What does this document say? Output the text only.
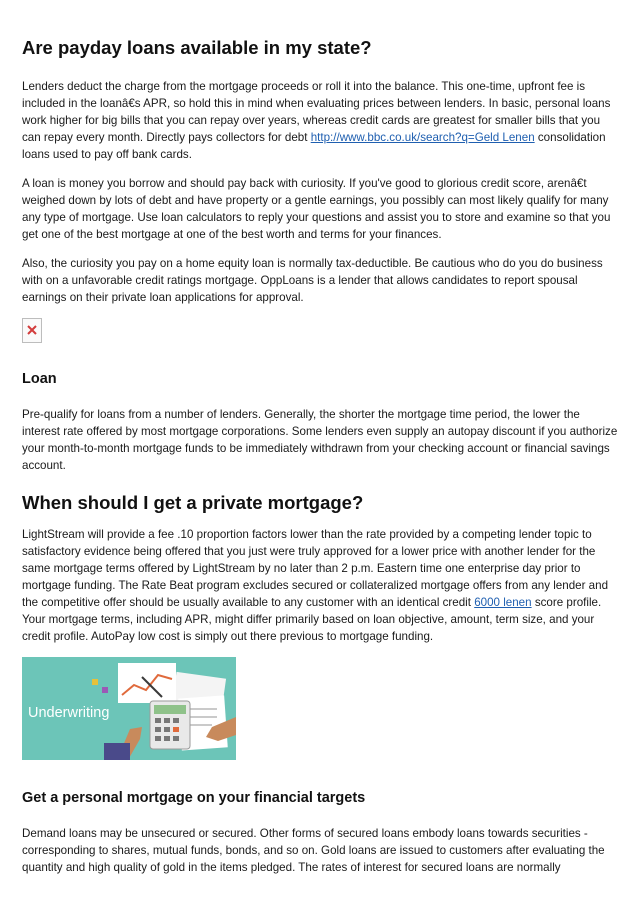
Are payday loans available in my state?

Lenders deduct the charge from the mortgage proceeds or roll it into the balance. This one-time, upfront fee is included in the loanâ€s APR, so hold this in mind when evaluating prices between lenders. In basic, personal loans work higher for big bills that you can repay over years, whereas credit cards are greatest for smaller bills that you can repay every month. Directly pays collectors for debt http://www.bbc.co.uk/search?q=Geld Lenen consolidation loans used to pay off bank cards.

A loan is money you borrow and should pay back with curiosity. If you've good to glorious credit score, arenâ€t weighed down by lots of debt and have property or a gentle earnings, you possibly can most likely qualify for many any type of mortgage. Use loan calculators to reply your questions and assist you to store and examine so that you get one of the best mortgage at one of the best worth and terms for your finances.

Also, the curiosity you pay on a home equity loan is normally tax-deductible. Be cautious who do you do business with on a unfavorable credit ratings mortgage. OppLoans is a lender that allows candidates to report spousal earnings on their private loan applications for approval.

Loan

Pre-qualify for loans from a number of lenders. Generally, the shorter the mortgage time period, the lower the interest rate offered by most mortgage corporations. Some lenders even supply an autopay discount if you authorize your month-to-month mortgage funds to be immediately withdrawn from your checking account or financial savings account.

When should I get a private mortgage?

LightStream will provide a fee .10 proportion factors lower than the rate provided by a competing lender topic to satisfactory evidence being offered that you just were truly approved for a lower price with another lender for the same mortgage terms offered by LightStream by no later than 2 p.m. Eastern time one enterprise day prior to mortgage funding. The Rate Beat program excludes secured or collateralized mortgage offers from any lender and the competitive offer should be usually available to any customer with an identical credit 6000 lenen score profile. Your mortgage terms, including APR, might differ primarily based on loan objective, amount, term size, and your credit profile. AutoPay low cost is simply out there previous to mortgage funding.

Underwriting
Get a personal mortgage on your financial targets

Demand loans may be unsecured or secured. Other forms of secured loans embody loans towards securities - corresponding to shares, mutual funds, bonds, and so on. Gold loans are issued to customers after evaluating the quantity and high quality of gold in the items pledged. The rates of interest for secured loans are normally
